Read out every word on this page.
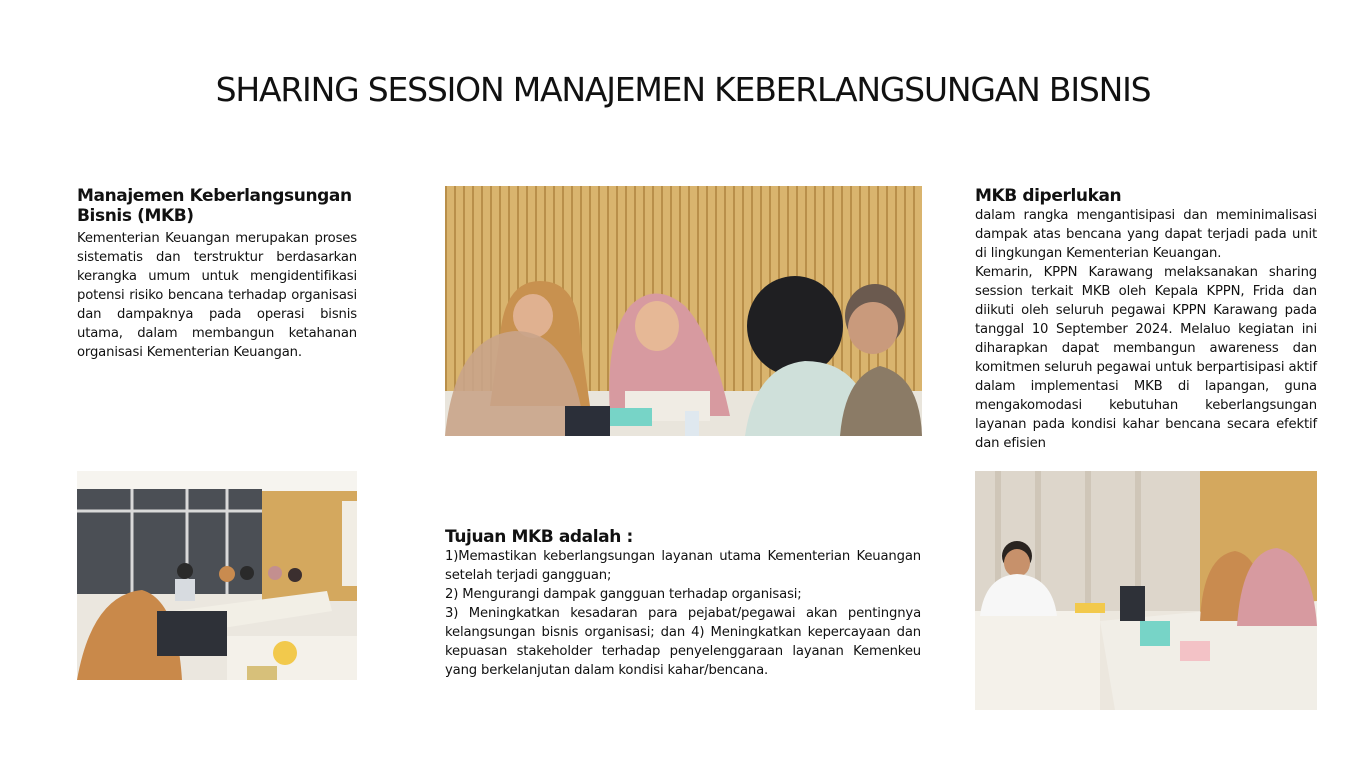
SHARING SESSION MANAJEMEN KEBERLANGSUNGAN BISNIS
Manajemen Keberlangsungan Bisnis (MKB)
Kementerian Keuangan merupakan proses sistematis dan terstruktur berdasarkan kerangka umum untuk mengidentifikasi potensi risiko bencana terhadap organisasi dan dampaknya pada operasi bisnis utama, dalam membangun ketahanan organisasi Kementerian Keuangan.
MKB diperlukan
dalam rangka mengantisipasi dan meminimalisasi dampak atas bencana yang dapat terjadi pada unit di lingkungan Kementerian Keuangan.
Kemarin, KPPN Karawang melaksanakan sharing session terkait MKB oleh Kepala KPPN, Frida dan diikuti oleh seluruh pegawai KPPN Karawang pada tanggal 10 September 2024. Melaluo kegiatan ini diharapkan dapat membangun awareness dan komitmen seluruh pegawai untuk berpartisipasi aktif dalam implementasi MKB di lapangan, guna mengakomodasi kebutuhan keberlangsungan layanan pada kondisi kahar bencana secara efektif dan efisien
Tujuan MKB adalah :
1)Memastikan keberlangsungan layanan utama Kementerian Keuangan setelah terjadi gangguan;
2) Mengurangi dampak gangguan terhadap organisasi;
3) Meningkatkan kesadaran para pejabat/pegawai akan pentingnya kelangsungan bisnis organisasi; dan 4) Meningkatkan kepercayaan dan kepuasan stakeholder terhadap penyelenggaraan layanan Kemenkeu yang berkelanjutan dalam kondisi kahar/bencana.
